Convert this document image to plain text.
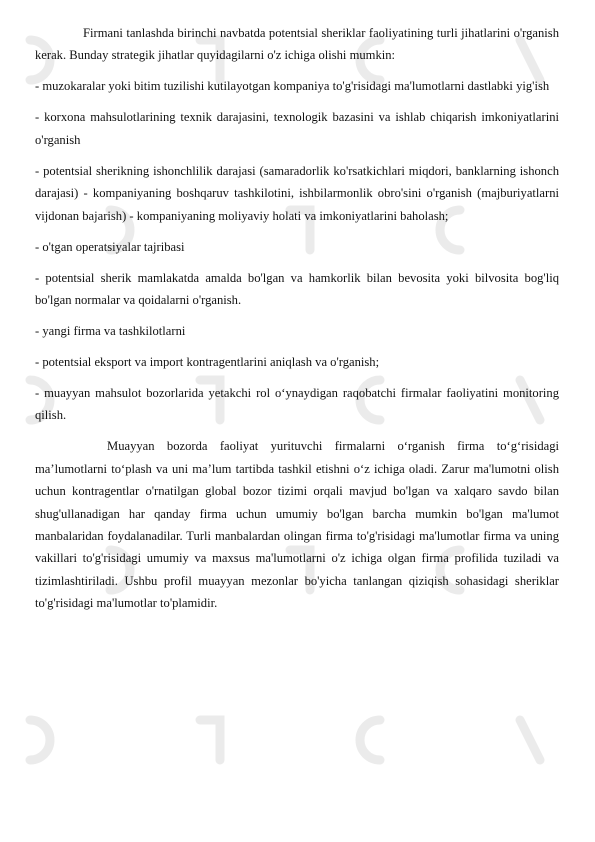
Firmani tanlashda birinchi navbatda potentsial sheriklar faoliyatining turli jihatlarini o'rganish kerak. Bunday strategik jihatlar quyidagilarni o'z ichiga olishi mumkin:

- muzokaralar yoki bitim tuzilishi kutilayotgan kompaniya to'g'risidagi ma'lumotlarni dastlabki yig'ish

- korxona mahsulotlarining texnik darajasini, texnologik bazasini va ishlab chiqarish imkoniyatlarini o'rganish

- potentsial sherikning ishonchlilik darajasi (samaradorlik ko'rsatkichlari miqdori, banklarning ishonch darajasi) - kompaniyaning boshqaruv tashkilotini, ishbilarmonlik obro'sini o'rganish (majburiyatlarni vijdonan bajarish) - kompaniyaning moliyaviy holati va imkoniyatlarini baholash;

- o'tgan operatsiyalar tajribasi

- potentsial sherik mamlakatda amalda bo'lgan va hamkorlik bilan bevosita yoki bilvosita bog'liq bo'lgan normalar va qoidalarni o'rganish.

- yangi firma va tashkilotlarni

- potentsial eksport va import kontragentlarini aniqlash va o'rganish;

- muayyan mahsulot bozorlarida yetakchi rol o‘ynaydigan raqobatchi firmalar faoliyatini monitoring qilish.

Muayyan bozorda faoliyat yurituvchi firmalarni o‘rganish firma to‘g‘risidagi ma’lumotlarni to‘plash va uni ma’lum tartibda tashkil etishni o‘z ichiga oladi. Zarur ma'lumotni olish uchun kontragentlar o'rnatilgan global bozor tizimi orqali mavjud bo'lgan va xalqaro savdo bilan shug'ullanadigan har qanday firma uchun umumiy bo'lgan barcha mumkin bo'lgan ma'lumot manbalaridan foydalanadilar. Turli manbalardan olingan firma to'g'risidagi ma'lumotlar firma va uning vakillari to'g'risidagi umumiy va maxsus ma'lumotlarni o'z ichiga olgan firma profilida tuziladi va tizimlashtiriladi. Ushbu profil muayyan mezonlar bo'yicha tanlangan qiziqish sohasidagi sheriklar to'g'risidagi ma'lumotlar to'plamidir.
